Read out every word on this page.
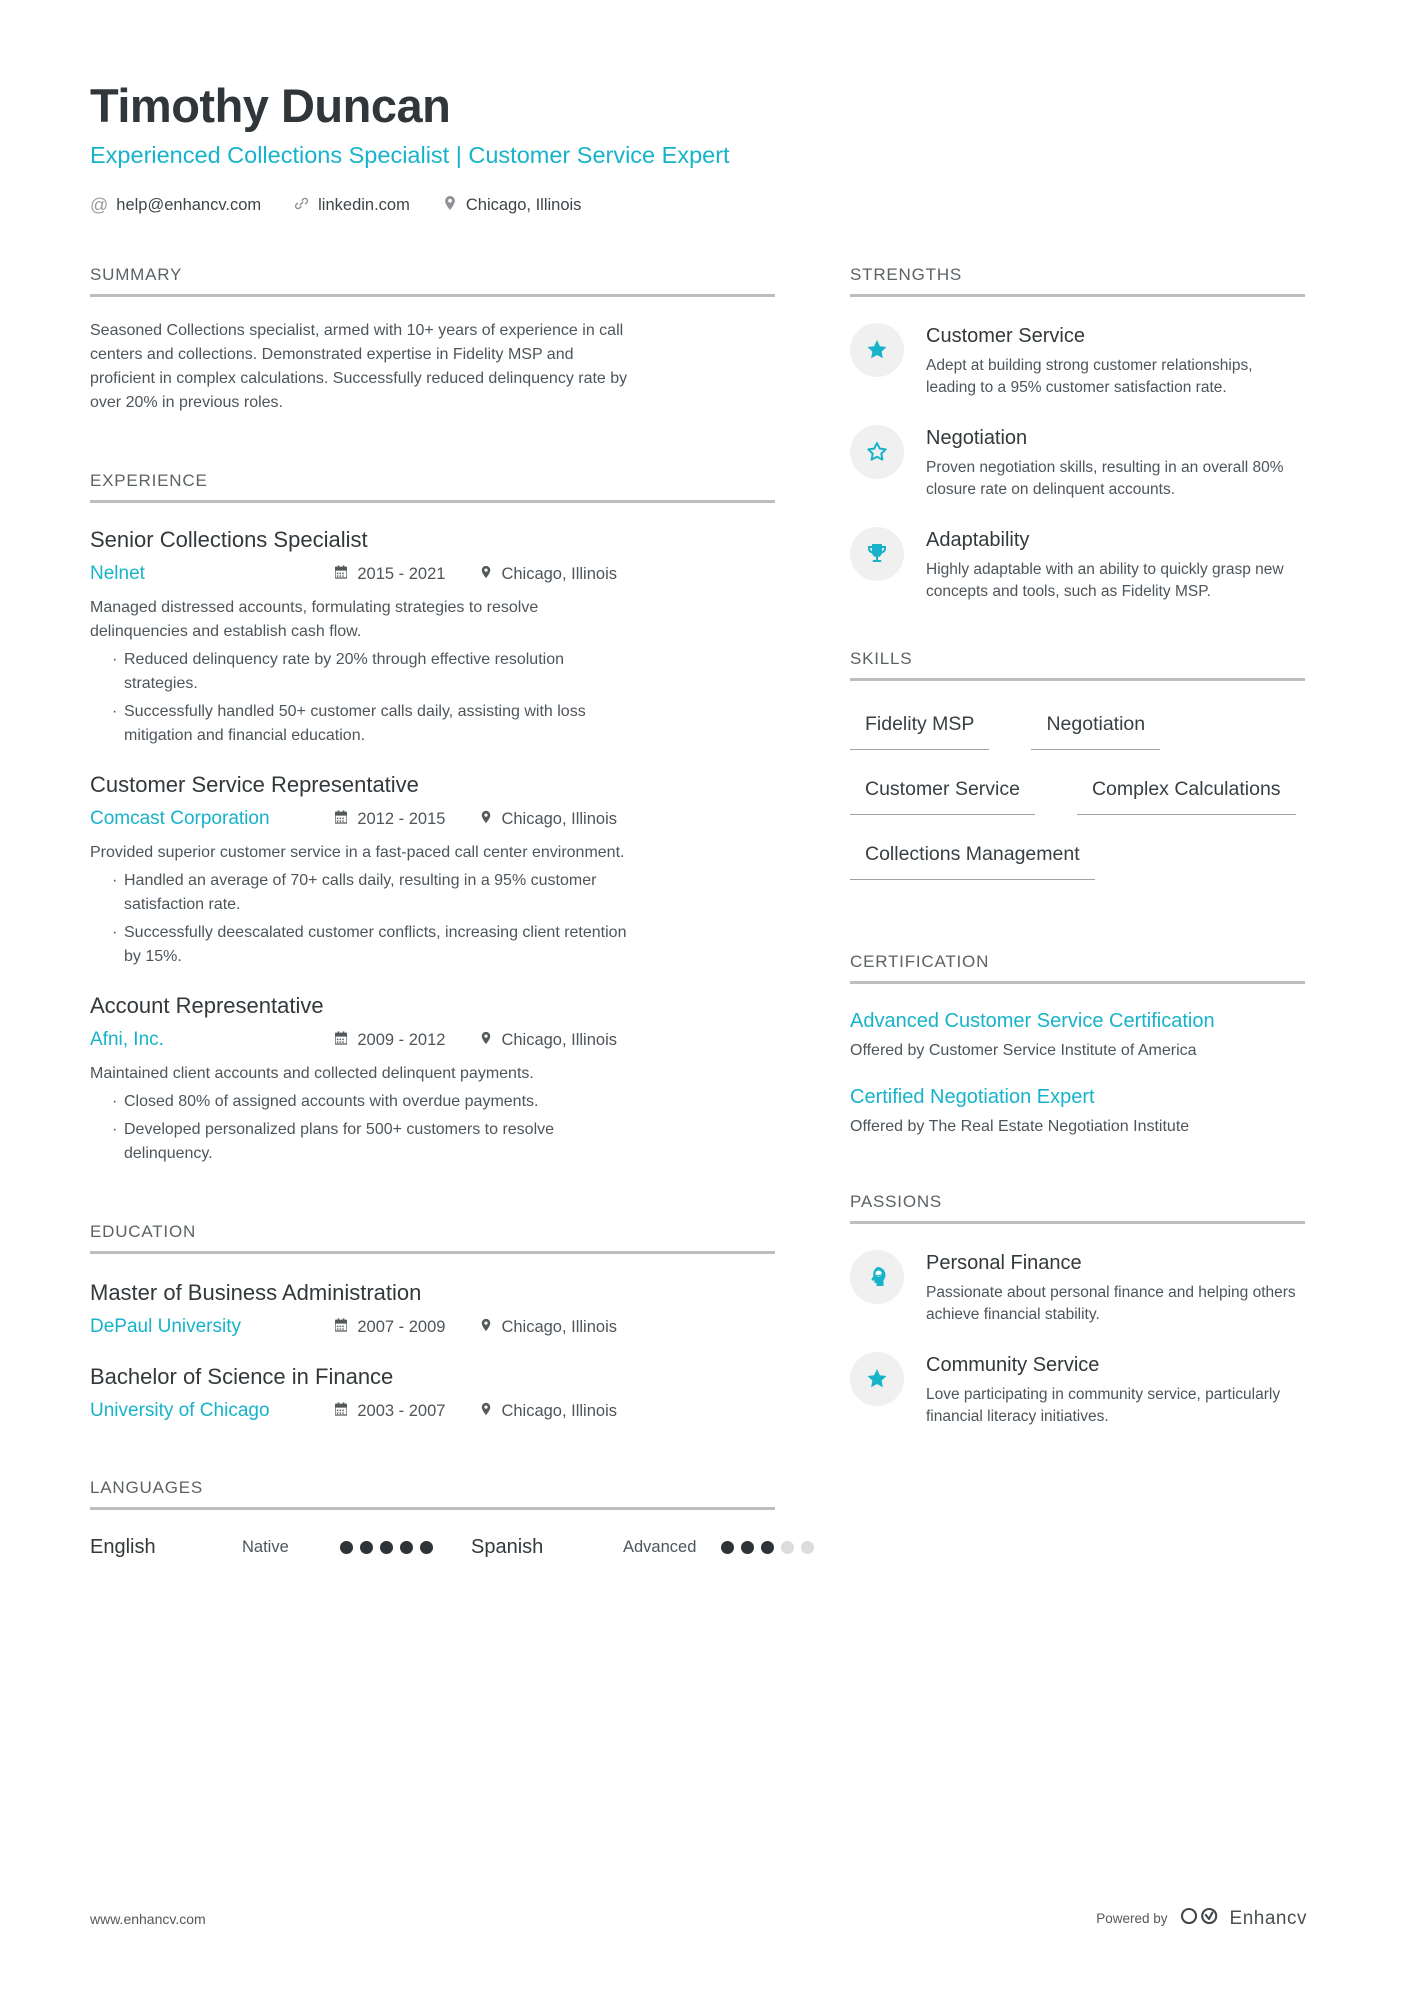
Timothy Duncan
Experienced Collections Specialist | Customer Service Expert
@ help@enhancv.com	linkedin.com	Chicago, Illinois
SUMMARY

Seasoned Collections specialist, armed with 10+ years of experience in call centers and collections. Demonstrated expertise in Fidelity MSP and proficient in complex calculations. Successfully reduced delinquency rate by over 20% in previous roles.

EXPERIENCE
Senior Collections Specialist
Nelnet	2015 - 2021	Chicago, Illinois

Managed distressed accounts, formulating strategies to resolve delinquencies and establish cash flow.

· Reduced delinquency rate by 20% through effective resolution strategies.
· Successfully handled 50+ customer calls daily, assisting with loss mitigation and financial education.
Customer Service Representative
Comcast Corporation	2012 - 2015	Chicago, Illinois

Provided superior customer service in a fast-paced call center environment.

· Handled an average of 70+ calls daily, resulting in a 95% customer satisfaction rate.
· Successfully deescalated customer conflicts, increasing client retention by 15%.
Account Representative
Afni, Inc.	2009 - 2012	Chicago, Illinois

Maintained client accounts and collected delinquent payments.

· Closed 80% of assigned accounts with overdue payments.
· Developed personalized plans for 500+ customers to resolve delinquency.
EDUCATION
Master of Business Administration
DePaul University	2007 - 2009	Chicago, Illinois
Bachelor of Science in Finance
University of Chicago	2003 - 2007	Chicago, Illinois
LANGUAGES
English	Native	Spanish	Advanced
STRENGTHS
Customer Service
Adept at building strong customer relationships, leading to a 95% customer satisfaction rate.
Negotiation
Proven negotiation skills, resulting in an overall 80% closure rate on delinquent accounts.
Adaptability
Highly adaptable with an ability to quickly grasp new concepts and tools, such as Fidelity MSP.
SKILLS
Fidelity MSP	Negotiation
Customer Service	Complex Calculations
Collections Management
CERTIFICATION
Advanced Customer Service Certification
Offered by Customer Service Institute of America
Certified Negotiation Expert
Offered by The Real Estate Negotiation Institute
PASSIONS
Personal Finance
Passionate about personal finance and helping others achieve financial stability.
Community Service
Love participating in community service, particularly financial literacy initiatives.
www.enhancv.com	Powered by	Enhancv
